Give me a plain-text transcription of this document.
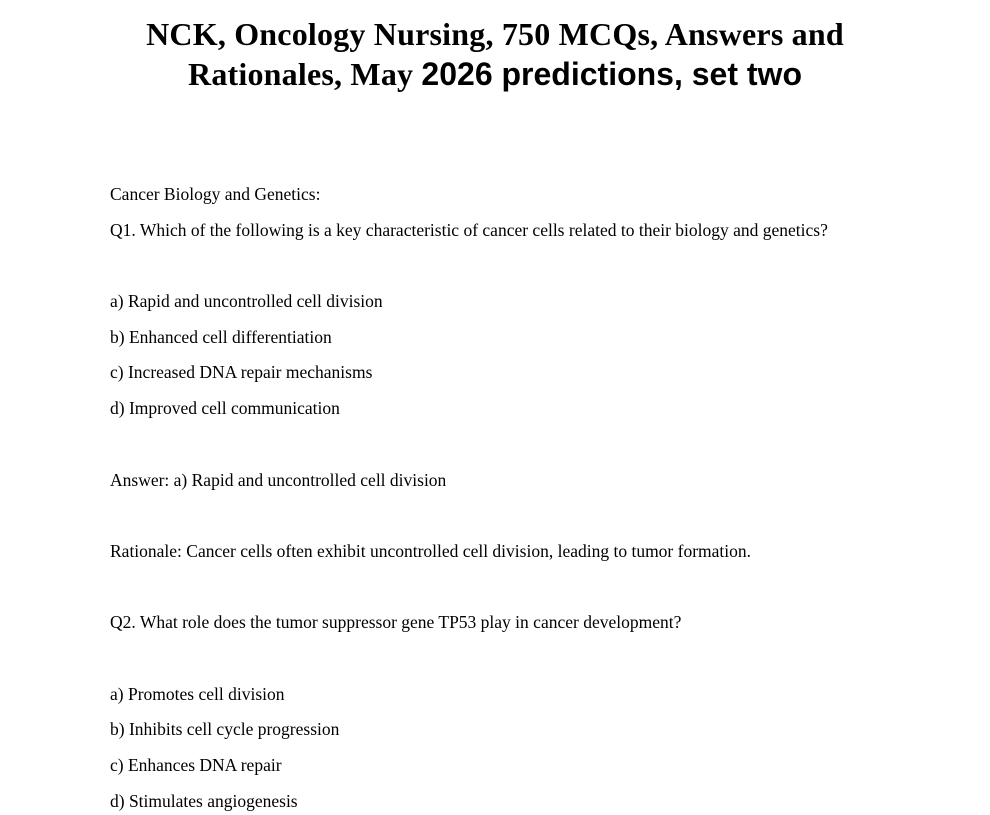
NCK, Oncology Nursing, 750 MCQs, Answers and Rationales, May 2026 predictions, set two

Cancer Biology and Genetics:

Q1. Which of the following is a key characteristic of cancer cells related to their biology and genetics?

a) Rapid and uncontrolled cell division

b) Enhanced cell differentiation

c) Increased DNA repair mechanisms

d) Improved cell communication

Answer: a) Rapid and uncontrolled cell division

Rationale: Cancer cells often exhibit uncontrolled cell division, leading to tumor formation.

Q2. What role does the tumor suppressor gene TP53 play in cancer development?

a) Promotes cell division

b) Inhibits cell cycle progression

c) Enhances DNA repair

d) Stimulates angiogenesis
